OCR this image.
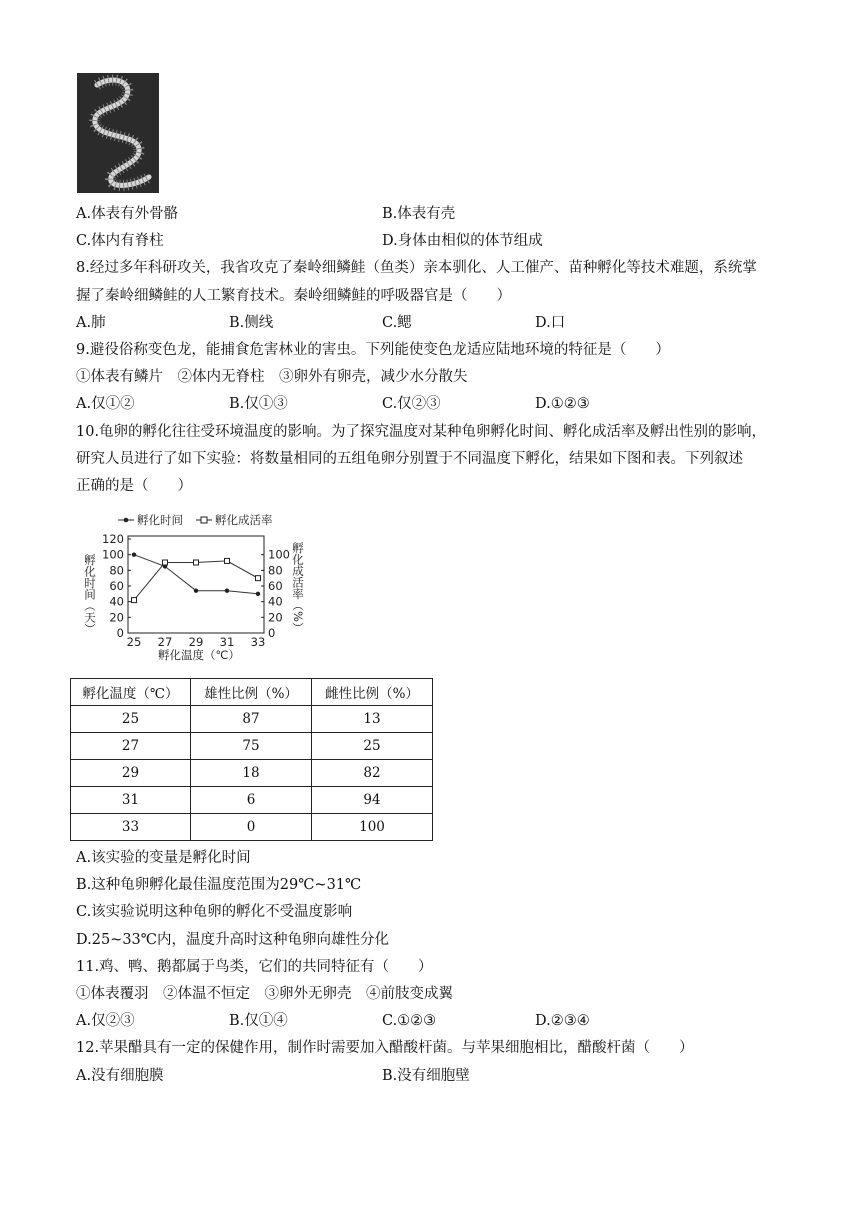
A.体表有外骨骼	B.体表有壳
C.体内有脊柱	D.身体由相似的体节组成
8.经过多年科研攻关，我省攻克了秦岭细鳞鲑（鱼类）亲本驯化、人工催产、苗种孵化等技术难题，系统掌
握了秦岭细鳞鲑的人工繁育技术。秦岭细鳞鲑的呼吸器官是（　　）
A.肺	B.侧线	C.鳃	D.口
9.避役俗称变色龙，能捕食危害林业的害虫。下列能使变色龙适应陆地环境的特征是（　　）
①体表有鳞片　②体内无脊柱　③卵外有卵壳，减少水分散失
A.仅①②	B.仅①③	C.仅②③	D.①②③
10.龟卵的孵化往往受环境温度的影响。为了探究温度对某种龟卵孵化时间、孵化成活率及孵出性别的影响，
研究人员进行了如下实验：将数量相同的五组龟卵分别置于不同温度下孵化，结果如下图和表。下列叙述
正确的是（　　）
孵化时间	孵化成活率
0
20
40
60
80
100
120
0
20
40
60
80
100
25 27 29 31 33
孵化时间（天）	孵化成活率（%）
孵化温度（℃）
孵化温度（℃）	雄性比例（%）	雌性比例（%）
25	87	13
27	75	25
29	18	82
31	6	94
33	0	100
A.该实验的变量是孵化时间
B.这种龟卵孵化最佳温度范围为29℃~31℃
C.该实验说明这种龟卵的孵化不受温度影响
D.25~33℃内，温度升高时这种龟卵向雄性分化
11.鸡、鸭、鹅都属于鸟类，它们的共同特征有（　　）
①体表覆羽　②体温不恒定　③卵外无卵壳　④前肢变成翼
A.仅②③	B.仅①④	C.①②③	D.②③④
12.苹果醋具有一定的保健作用，制作时需要加入醋酸杆菌。与苹果细胞相比，醋酸杆菌（　　）
A.没有细胞膜	B.没有细胞壁
